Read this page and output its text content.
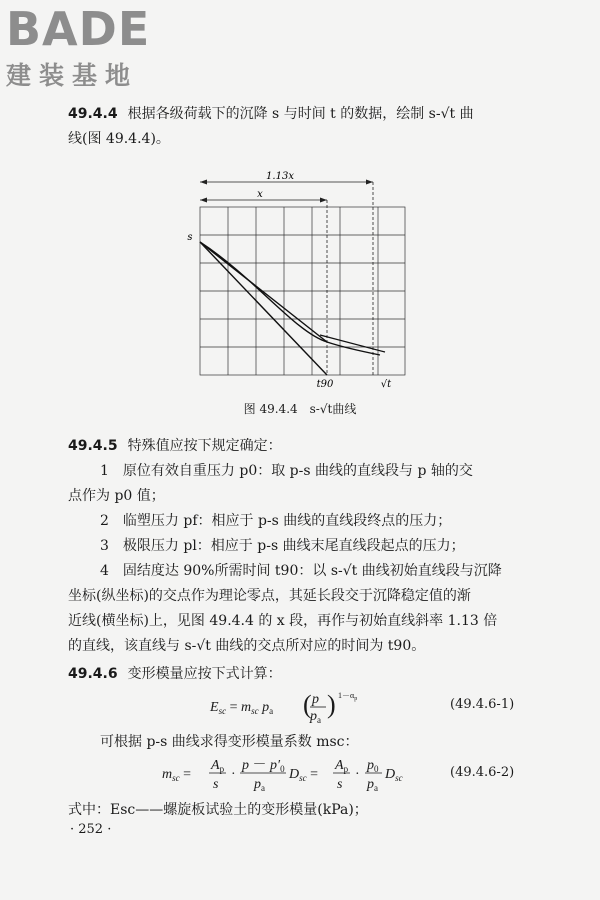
BADE
建装基地
49.4.4 根据各级荷载下的沉降 s 与时间 t 的数据，绘制 s-√t 曲
线(图 49.4.4)。
1.13x
x
s
t90	√t
图 49.4.4　s-√t曲线
49.4.5 特殊值应按下规定确定：
1　原位有效自重压力 p0：取 p-s 曲线的直线段与 p 轴的交
点作为 p0 值；
2　临塑压力 pf：相应于 p-s 曲线的直线段终点的压力；
3　极限压力 pl：相应于 p-s 曲线末尾直线段起点的压力；
4　固结度达 90%所需时间 t90：以 s-√t 曲线初始直线段与沉降
坐标(纵坐标)的交点作为理论零点，其延长段交于沉降稳定值的渐
近线(横坐标)上，见图 49.4.4 的 x 段，再作与初始直线斜率 1.13 倍
的直线，该直线与 s-√t 曲线的交点所对应的时间为 t90。
49.4.6 变形模量应按下式计算：
$E_{sc} = m_{sc}$ $p_a$ ( p
$p_a$
) $1-\alpha_p$	(49.4.6-1)
可根据 p-s 曲线求得变形模量系数 msc：
$m_{sc}$ =
$A_p$
s
·
$p - p'_0$
$p_a$
$D_{sc}$ =
$A_p$
s
·
$p_0$
$p_a$
$D_{sc}$	(49.4.6-2)
式中：Esc——螺旋板试验土的变形模量(kPa)；
· 252 ·
